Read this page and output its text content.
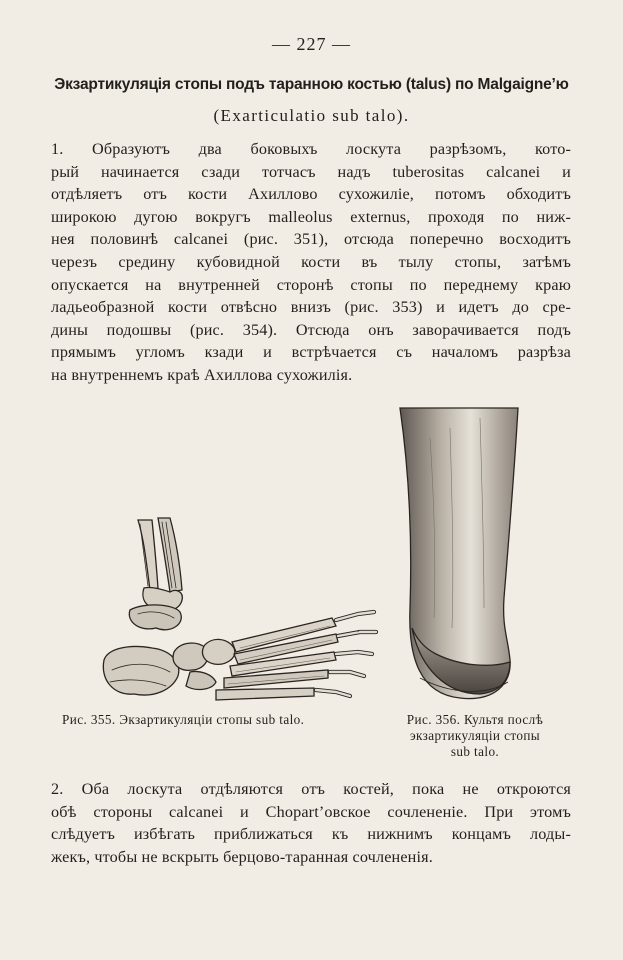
— 227 —
Экзартикуляція стопы подъ таранною костью (talus) по Malgaigne’ю
(Exarticulatio sub talo).
1. Образуютъ два боковыхъ лоскута разрѣзомъ, кото-
рый начинается сзади тотчасъ надъ tuberositas calcanei и
отдѣляетъ отъ кости Ахиллово сухожиліе, потомъ обходитъ
широкою дугою вокругъ malleolus externus, проходя по ниж-
нея половинѣ calcanei (рис. 351), отсюда поперечно восходитъ
черезъ средину кубовидной кости въ тылу стопы, затѣмъ
опускается на внутренней сторонѣ стопы по переднему краю
ладьеобразной кости отвѣсно внизъ (рис. 353) и идетъ до сре-
дины подошвы (рис. 354). Отсюда онъ заворачивается подъ
прямымъ угломъ кзади и встрѣчается съ началомъ разрѣза
на внутреннемъ краѣ Ахиллова сухожилія.
Рис. 355. Экзартикуляціи стопы sub talo.	Рис. 356. Культя послѣ
экзартикуляціи стопы
sub talo.
2. Оба лоскута отдѣляются отъ костей, пока не откроются
обѣ стороны calcanei и Chopart’овское сочлененіе. При этомъ
слѣдуетъ избѣгать приближаться къ нижнимъ концамъ лоды-
жекъ, чтобы не вскрыть берцово-таранная сочлененія.
